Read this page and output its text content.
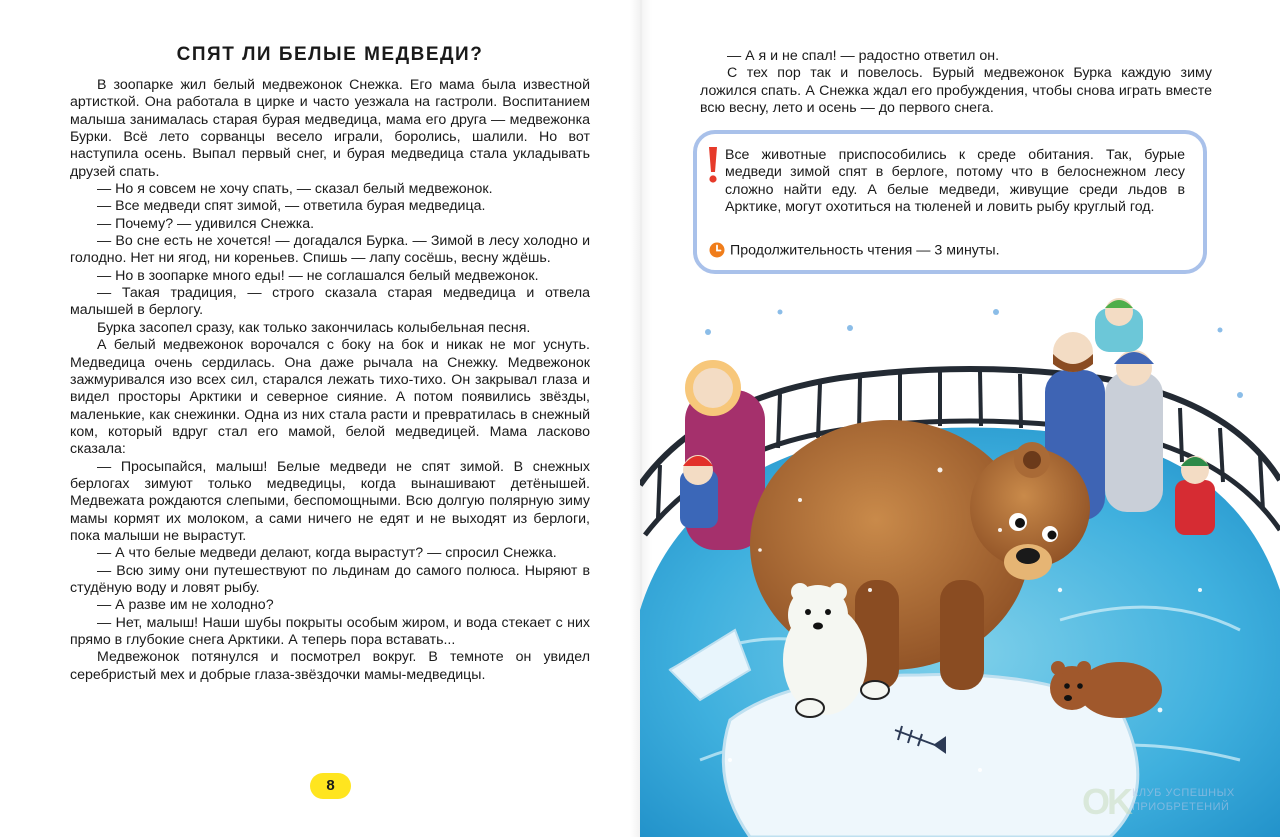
СПЯТ ЛИ БЕЛЫЕ МЕДВЕДИ?

В зоопарке жил белый медвежонок Снежка. Его мама была известной артисткой. Она работала в цирке и часто уезжала на гастроли. Воспитанием малыша занималась старая бурая медведица, мама его друга — медвежонка Бурки. Всё лето сорванцы весело играли, боролись, шалили. Но вот наступила осень. Выпал первый снег, и бурая медведица стала укладывать друзей спать.

— Но я совсем не хочу спать, — сказал белый медвежонок.

— Все медведи спят зимой, — ответила бурая медведица.

— Почему? — удивился Снежка.

— Во сне есть не хочется! — догадался Бурка. — Зимой в лесу холодно и голодно. Нет ни ягод, ни кореньев. Спишь — лапу сосёшь, весну ждёшь.

— Но в зоопарке много еды! — не соглашался белый медвежонок.

— Такая традиция, — строго сказала старая медведица и отвела малышей в берлогу.

Бурка засопел сразу, как только закончилась колыбельная песня.

А белый медвежонок ворочался с боку на бок и никак не мог уснуть. Медведица очень сердилась. Она даже рычала на Снежку. Медвежонок зажмуривался изо всех сил, старался лежать тихо-тихо. Он закрывал глаза и видел просторы Арктики и северное сияние. А потом появились звёзды, маленькие, как снежинки. Одна из них стала расти и превратилась в снежный ком, который вдруг стал его мамой, белой медведицей. Мама ласково сказала:

— Просыпайся, малыш! Белые медведи не спят зимой. В снежных берлогах зимуют только медведицы, когда вынашивают детёнышей. Медвежата рождаются слепыми, беспомощными. Всю долгую полярную зиму мамы кормят их молоком, а сами ничего не едят и не выходят из берлоги, пока малыши не вырастут.

— А что белые медведи делают, когда вырастут? — спросил Снежка.

— Всю зиму они путешествуют по льдинам до самого полюса. Ныряют в студёную воду и ловят рыбу.

— А разве им не холодно?

— Нет, малыш! Наши шубы покрыты особым жиром, и вода стекает с них прямо в глубокие снега Арктики. А теперь пора вставать...

Медвежонок потянулся и посмотрел вокруг. В темноте он увидел серебристый мех и добрые глаза-звёздочки мамы-медведицы.

8

— А я и не спал! — радостно ответил он.

С тех пор так и повелось. Бурый медвежонок Бурка каждую зиму ложился спать. А Снежка ждал его пробуждения, чтобы снова играть вместе всю весну, лето и осень — до первого снега.

Все животные приспособились к среде обитания. Так, бурые медведи зимой спят в берлоге, потому что в белоснежном лесу сложно найти еду. А белые медведи, живущие среди льдов в Арктике, могут охотиться на тюленей и ловить рыбу круглый год.

Продолжительность чтения — 3 минуты.
OK КЛУБ УСПЕШНЫХ ПРИОБРЕТЕНИЙ
